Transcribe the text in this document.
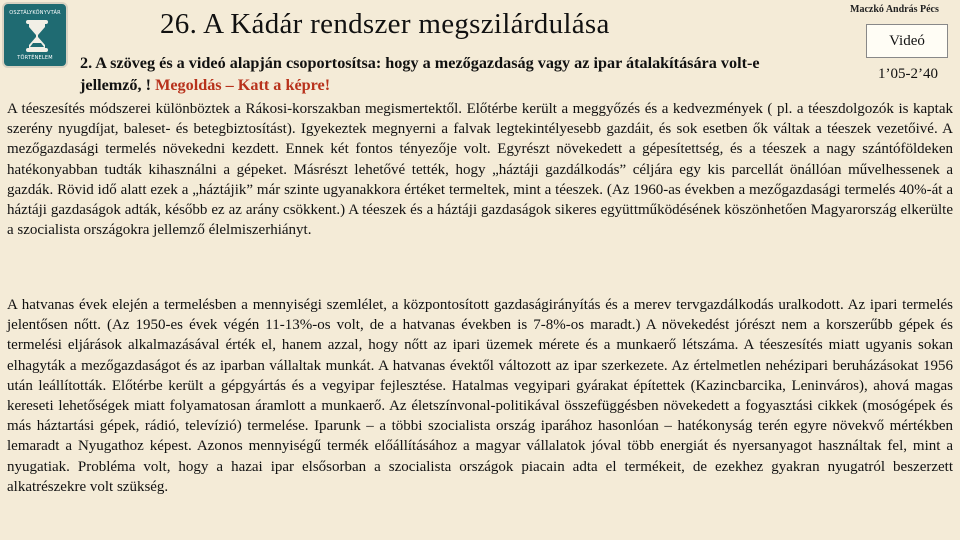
OSZTÁLYKÖNYVTÁR
TÖRTÉNELEM
26. A Kádár rendszer megszilárdulása	Maczkó András Pécs
Videó
1’05-2’40
2. A szöveg és a videó alapján csoportosítsa: hogy a mezőgazdaság vagy az ipar átalakítására volt-e jellemző, ! Megoldás – Katt a képre!

A téeszesítés módszerei különböztek a Rákosi-korszakban megismertektől. Előtérbe került a meggyőzés és a kedvezmények ( pl. a téeszdolgozók is kaptak szerény nyugdíjat, baleset- és betegbiztosítást). Igyekeztek megnyerni a falvak legtekintélyesebb gazdáit, és sok esetben ők váltak a téeszek vezetőivé. A mezőgazdasági termelés növekedni kezdett. Ennek két fontos tényezője volt. Egyrészt növekedett a gépesítettség, és a téeszek a nagy szántóföldeken hatékonyabban tudták kihasználni a gépeket. Másrészt lehetővé tették, hogy „háztáji gazdálkodás” céljára egy kis parcellát önállóan művelhessenek a gazdák. Rövid idő alatt ezek a „háztájik” már szinte ugyanakkora értéket termeltek, mint a téeszek. (Az 1960-as években a mezőgazdasági termelés 40%-át a háztáji gazdaságok adták, később ez az arány csökkent.) A téeszek és a háztáji gazdaságok sikeres együttműködésének köszönhetően Magyarország elkerülte a szocialista országokra jellemző élelmiszerhiányt.

A hatvanas évek elején a termelésben a mennyiségi szemlélet, a központosított gazdaságirányítás és a merev tervgazdálkodás uralkodott. Az ipari termelés jelentősen nőtt. (Az 1950-es évek végén 11-13%-os volt, de a hatvanas években is 7-8%-os maradt.) A növekedést jórészt nem a korszerűbb gépek és termelési eljárások alkalmazásával érték el, hanem azzal, hogy nőtt az ipari üzemek mérete és a munkaerő létszáma. A téeszesítés miatt ugyanis sokan elhagyták a mezőgazdaságot és az iparban vállaltak munkát. A hatvanas évektől változott az ipar szerkezete. Az értelmetlen nehézipari beruházásokat 1956 után leállították. Előtérbe került a gépgyártás és a vegyipar fejlesztése. Hatalmas vegyipari gyárakat építettek (Kazincbarcika, Leninváros), ahová magas kereseti lehetőségek miatt folyamatosan áramlott a munkaerő. Az életszínvonal-politikával összefüggésben növekedett a fogyasztási cikkek (mosógépek és más háztartási gépek, rádió, televízió) termelése. Iparunk – a többi szocialista ország iparához hasonlóan – hatékonyság terén egyre növekvő mértékben lemaradt a Nyugathoz képest. Azonos mennyiségű termék előállításához a magyar vállalatok jóval több energiát és nyersanyagot használtak fel, mint a nyugatiak. Probléma volt, hogy a hazai ipar elsősorban a szocialista országok piacain adta el termékeit, de ezekhez gyakran nyugatról beszerzett alkatrészekre volt szükség.
